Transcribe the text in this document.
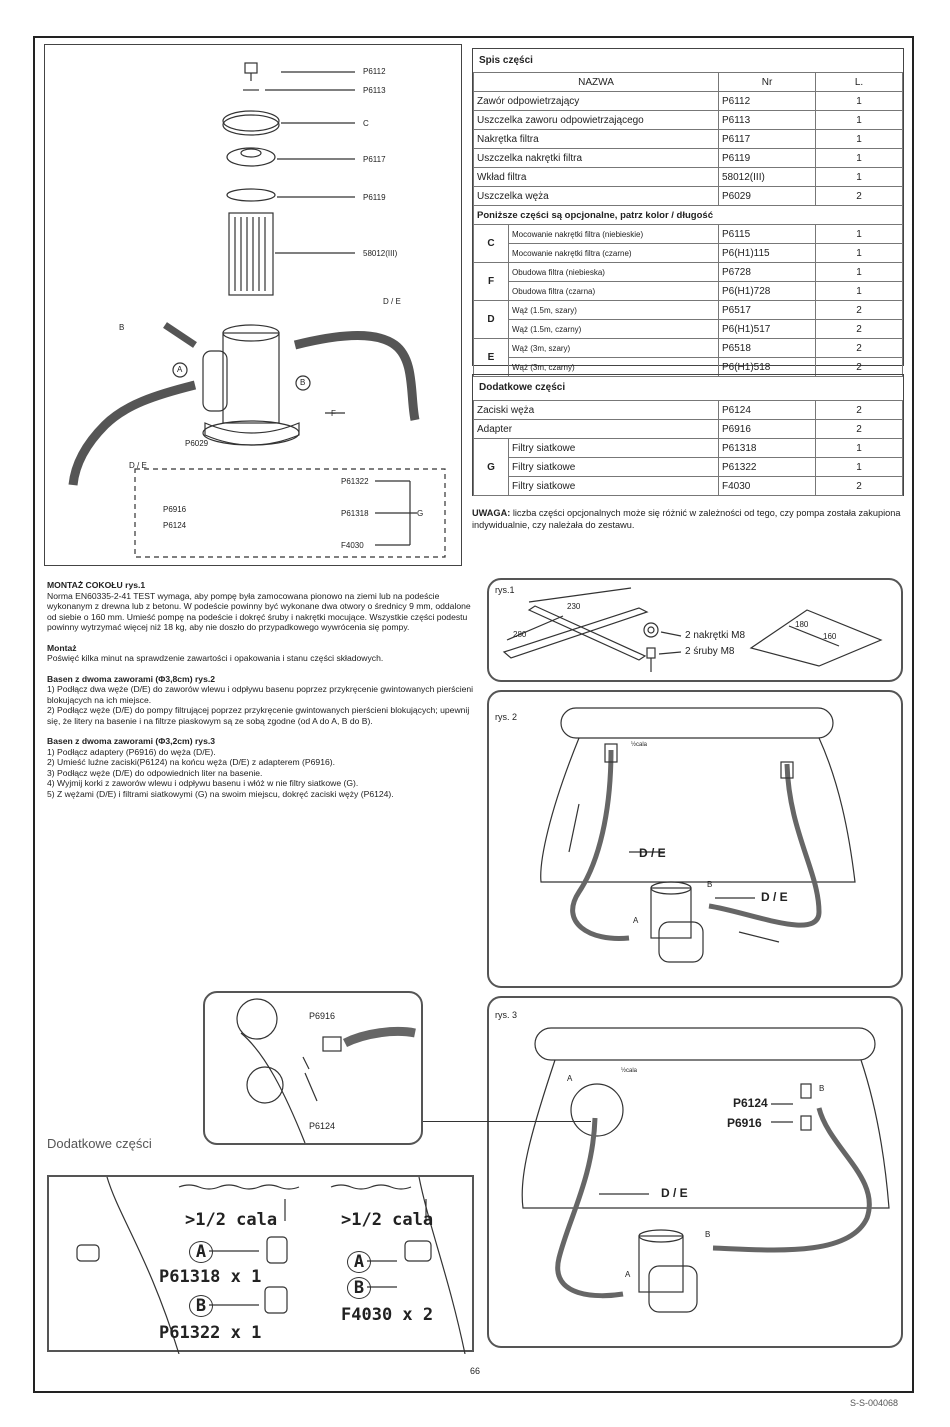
P6112
P6113
C
P6117
P6119
58012(III)
D / E
B
A
B
P6029
F
D / E
P61322
P61318
F4030
G
P6916
P6124
Spis części
NAZWA		Nr	L.
Zawór odpowietrzający		P6112	1
Uszczelka zaworu odpowietrzającego		P6113	1
Nakrętka filtra		P6117	1
Uszczelka nakrętki filtra		P6119	1
Wkład filtra		58012(III)	1
Uszczelka węża		P6029	2
Poniższe części są opcjonalne, patrz kolor / długość			
C	Mocowanie nakrętki filtra (niebieskie)	P6115	1
	Mocowanie nakrętki filtra (czarne)	P6(H1)115	1
F	Obudowa filtra (niebieska)	P6728	1
	Obudowa filtra (czarna)	P6(H1)728	1
D	Wąż (1.5m, szary)	P6517	2
	Wąż (1.5m, czarny)	P6(H1)517	2
E	Wąż (3m, szary)	P6518	2
	Wąż (3m, czarny)	P6(H1)518	2
Dodatkowe części
Zaciski węża		P6124	2
Adapter		P6916	2
G	Filtry siatkowe	P61318	1
	Filtry siatkowe	P61322	1
	Filtry siatkowe	F4030	2
UWAGA: liczba części opcjonalnych może się różnić w zależności od tego, czy pompa została zakupiona indywidualnie, czy należała do zestawu.

MONTAŻ COKOŁU rys.1

Norma EN60335-2-41 TEST wymaga, aby pompę była zamocowana pionowo na ziemi lub na podeście wykonanym z drewna lub z betonu. W podeście powinny być wykonane dwa otwory o średnicy 9 mm, oddalone od siebie o 160 mm. Umieść pompę na podeście i dokręć śruby i nakrętki mocujące. Wszystkie części podestu powinny wytrzymać więcej niż 18 kg, aby nie doszło do przypadkowego wywrócenia się pompy.

Montaż

Poświęć kilka minut na sprawdzenie zawartości i opakowania i stanu części składowych.

Basen z dwoma zaworami (Φ3,8cm) rys.2

1) Podłącz dwa węże (D/E) do zaworów wlewu i odpływu basenu poprzez przykręcenie gwintowanych pierścieni blokujących na ich miejsce.

2) Podłącz węże (D/E) do pompy filtrującej poprzez przykręcenie gwintowanych pierścieni blokujących; upewnij się, że litery na basenie i na filtrze piaskowym są ze sobą zgodne (od A do A, B do B).

Basen z dwoma zaworami (Φ3,2cm) rys.3

1) Podłącz adaptery (P6916) do węża (D/E).

2) Umieść luźne zaciski(P6124) na końcu węża (D/E) z adapterem (P6916).

3) Podłącz węże (D/E) do odpowiednich liter na basenie.

4) Wyjmij korki z zaworów wlewu i odpływu basenu i włóż w nie filtry siatkowe (G).

5) Z wężami (D/E) i filtrami siatkowymi (G) na swoim miejscu, dokręć zaciski węży (P6124).

rys.1
230
280
180
160
2 nakrętki M8
2 śruby M8
rys. 2
½cala
D / E
D / E
A
B
rys. 3
½cala
P6124
P6916
D / E
A
B
A
B
P6916
P6124
Dodatkowe części
>1/2 cala	>1/2 cala
A
P61318 x 1
B
P61322 x 1
A
B
F4030 x 2
66
S-S-004068
